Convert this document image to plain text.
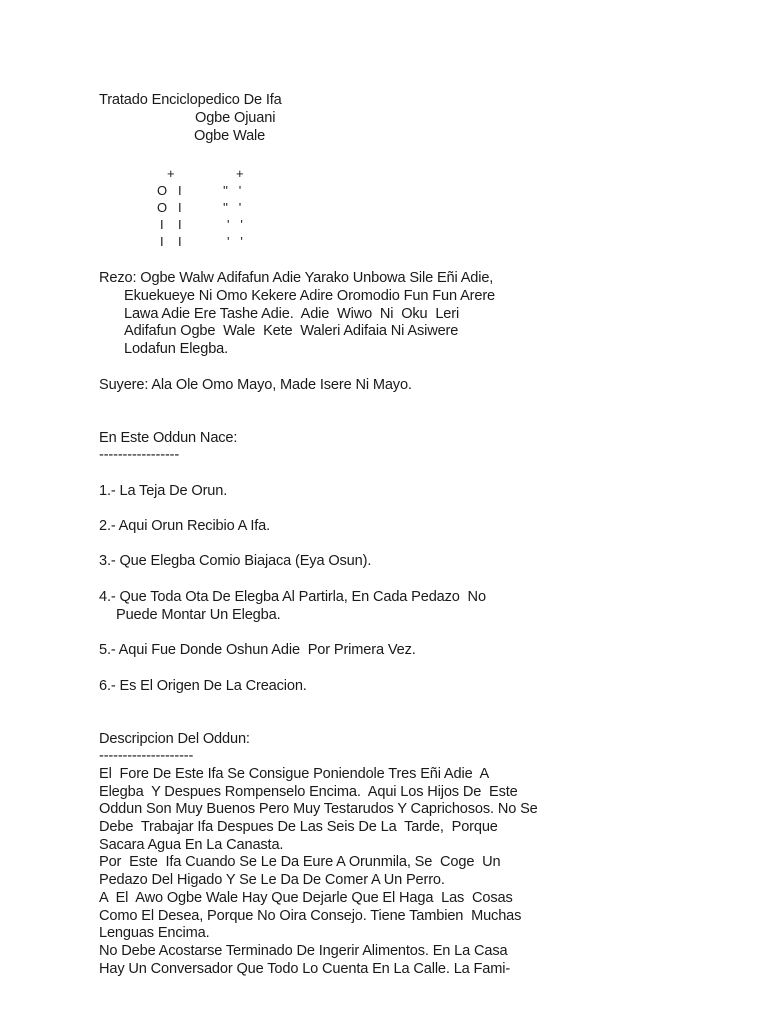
Tratado Enciclopedico De Ifa
Ogbe Ojuani
Ogbe Wale
+
O   I
O   I
I    I
I    I
+
''   '
''   '
'   '
'   '
Rezo: Ogbe Walw Adifafun Adie Yarako Unbowa Sile Eñi Adie,
Ekuekueye Ni Omo Kekere Adire Oromodio Fun Fun Arere
Lawa Adie Ere Tashe Adie.  Adie  Wiwo  Ni  Oku  Leri
Adifafun Ogbe  Wale  Kete  Waleri Adifaia Ni Asiwere
Lodafun Elegba.
Suyere: Ala Ole Omo Mayo, Made Isere Ni Mayo.
En Este Oddun Nace:
-----------------
1.- La Teja De Orun.
2.- Aqui Orun Recibio A Ifa.
3.- Que Elegba Comio Biajaca (Eya Osun).
4.- Que Toda Ota De Elegba Al Partirla, En Cada Pedazo  No
Puede Montar Un Elegba.
5.- Aqui Fue Donde Oshun Adie  Por Primera Vez.
6.- Es El Origen De La Creacion.
Descripcion Del Oddun:
--------------------
El  Fore De Este Ifa Se Consigue Poniendole Tres Eñi Adie  A
Elegba  Y Despues Rompenselo Encima.  Aqui Los Hijos De  Este
Oddun Son Muy Buenos Pero Muy Testarudos Y Caprichosos. No Se
Debe  Trabajar Ifa Despues De Las Seis De La  Tarde,  Porque
Sacara Agua En La Canasta.
Por  Este  Ifa Cuando Se Le Da Eure A Orunmila, Se  Coge  Un
Pedazo Del Higado Y Se Le Da De Comer A Un Perro.
A  El  Awo Ogbe Wale Hay Que Dejarle Que El Haga  Las  Cosas
Como El Desea, Porque No Oira Consejo. Tiene Tambien  Muchas
Lenguas Encima.
No Debe Acostarse Terminado De Ingerir Alimentos. En La Casa
Hay Un Conversador Que Todo Lo Cuenta En La Calle. La Fami-
